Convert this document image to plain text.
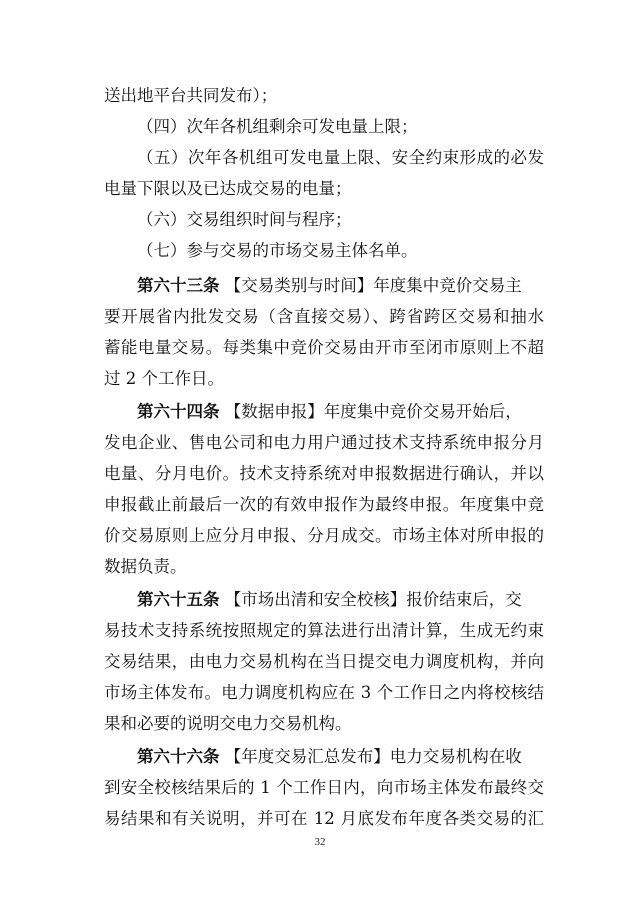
送出地平台共同发布）；
（四）次年各机组剩余可发电量上限；
（五）次年各机组可发电量上限、安全约束形成的必发
电量下限以及已达成交易的电量；
（六）交易组织时间与程序；
（七）参与交易的市场交易主体名单。
第六十三条 【交易类别与时间】年度集中竞价交易主
要开展省内批发交易（含直接交易）、跨省跨区交易和抽水
蓄能电量交易。每类集中竞价交易由开市至闭市原则上不超
过 2 个工作日。
第六十四条 【数据申报】年度集中竞价交易开始后，
发电企业、售电公司和电力用户通过技术支持系统申报分月
电量、分月电价。技术支持系统对申报数据进行确认，并以
申报截止前最后一次的有效申报作为最终申报。年度集中竞
价交易原则上应分月申报、分月成交。市场主体对所申报的
数据负责。
第六十五条 【市场出清和安全校核】报价结束后，交
易技术支持系统按照规定的算法进行出清计算，生成无约束
交易结果，由电力交易机构在当日提交电力调度机构，并向
市场主体发布。电力调度机构应在 3 个工作日之内将校核结
果和必要的说明交电力交易机构。
第六十六条 【年度交易汇总发布】电力交易机构在收
到安全校核结果后的 1 个工作日内，向市场主体发布最终交
易结果和有关说明，并可在 12 月底发布年度各类交易的汇
32
